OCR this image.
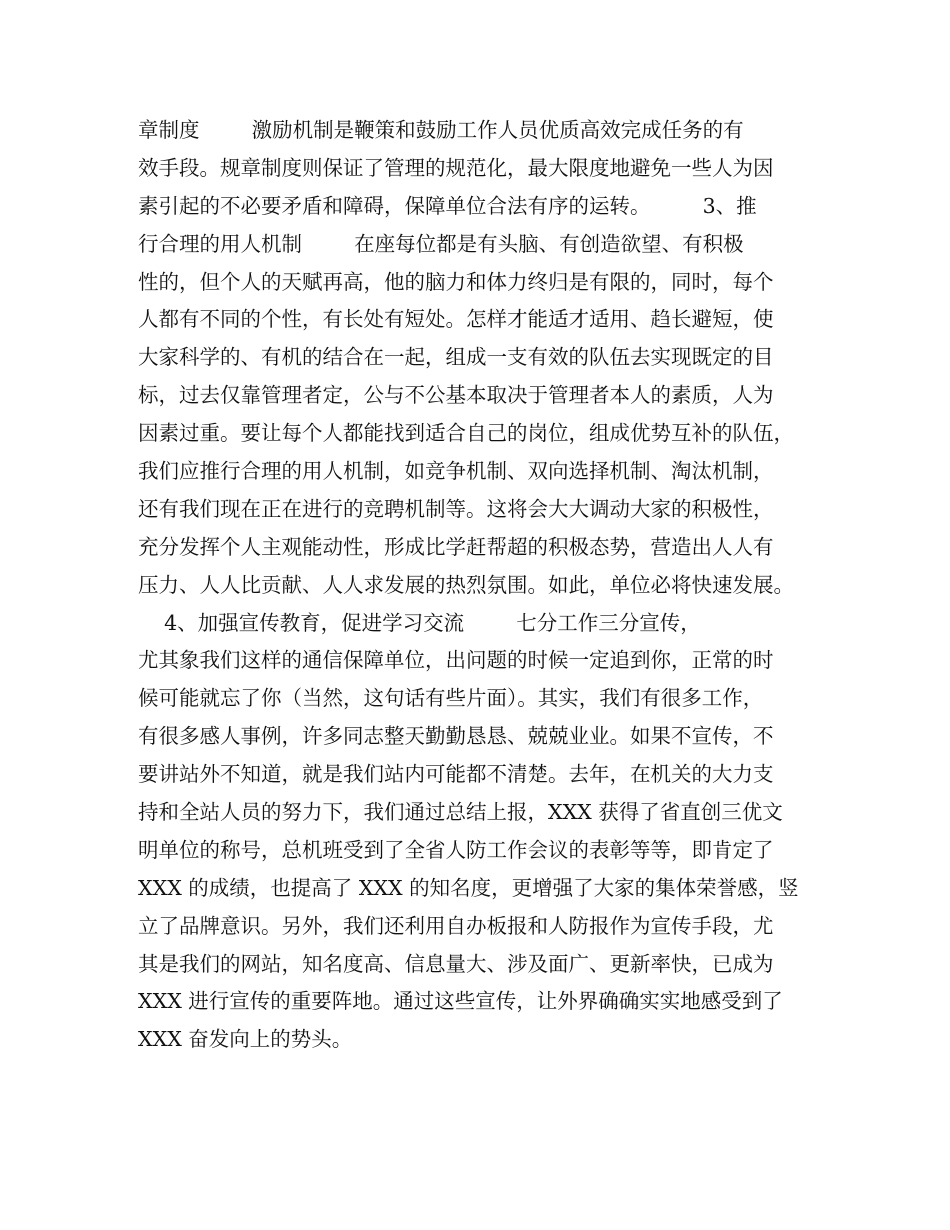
章制度        激励机制是鞭策和鼓励工作人员优质高效完成任务的有
效手段。规章制度则保证了管理的规范化，最大限度地避免一些人为因
素引起的不必要矛盾和障碍，保障单位合法有序的运转。        3、推
行合理的用人机制        在座每位都是有头脑、有创造欲望、有积极
性的，但个人的天赋再高，他的脑力和体力终归是有限的，同时，每个
人都有不同的个性，有长处有短处。怎样才能适才适用、趋长避短，使
大家科学的、有机的结合在一起，组成一支有效的队伍去实现既定的目
标，过去仅靠管理者定，公与不公基本取决于管理者本人的素质，人为
因素过重。要让每个人都能找到适合自己的岗位，组成优势互补的队伍，
我们应推行合理的用人机制，如竞争机制、双向选择机制、淘汰机制，
还有我们现在正在进行的竞聘机制等。这将会大大调动大家的积极性，
充分发挥个人主观能动性，形成比学赶帮超的积极态势，营造出人人有
压力、人人比贡献、人人求发展的热烈氛围。如此，单位必将快速发展。
4、加强宣传教育，促进学习交流        七分工作三分宣传，
尤其象我们这样的通信保障单位，出问题的时候一定追到你，正常的时
候可能就忘了你（当然，这句话有些片面）。其实，我们有很多工作，
有很多感人事例，许多同志整天勤勤恳恳、兢兢业业。如果不宣传，不
要讲站外不知道，就是我们站内可能都不清楚。去年，在机关的大力支
持和全站人员的努力下，我们通过总结上报，XXX 获得了省直创三优文
明单位的称号，总机班受到了全省人防工作会议的表彰等等，即肯定了
XXX 的成绩，也提高了 XXX 的知名度，更增强了大家的集体荣誉感，竖
立了品牌意识。另外，我们还利用自办板报和人防报作为宣传手段，尤
其是我们的网站，知名度高、信息量大、涉及面广、更新率快，已成为
XXX 进行宣传的重要阵地。通过这些宣传，让外界确确实实地感受到了
XXX 奋发向上的势头。
